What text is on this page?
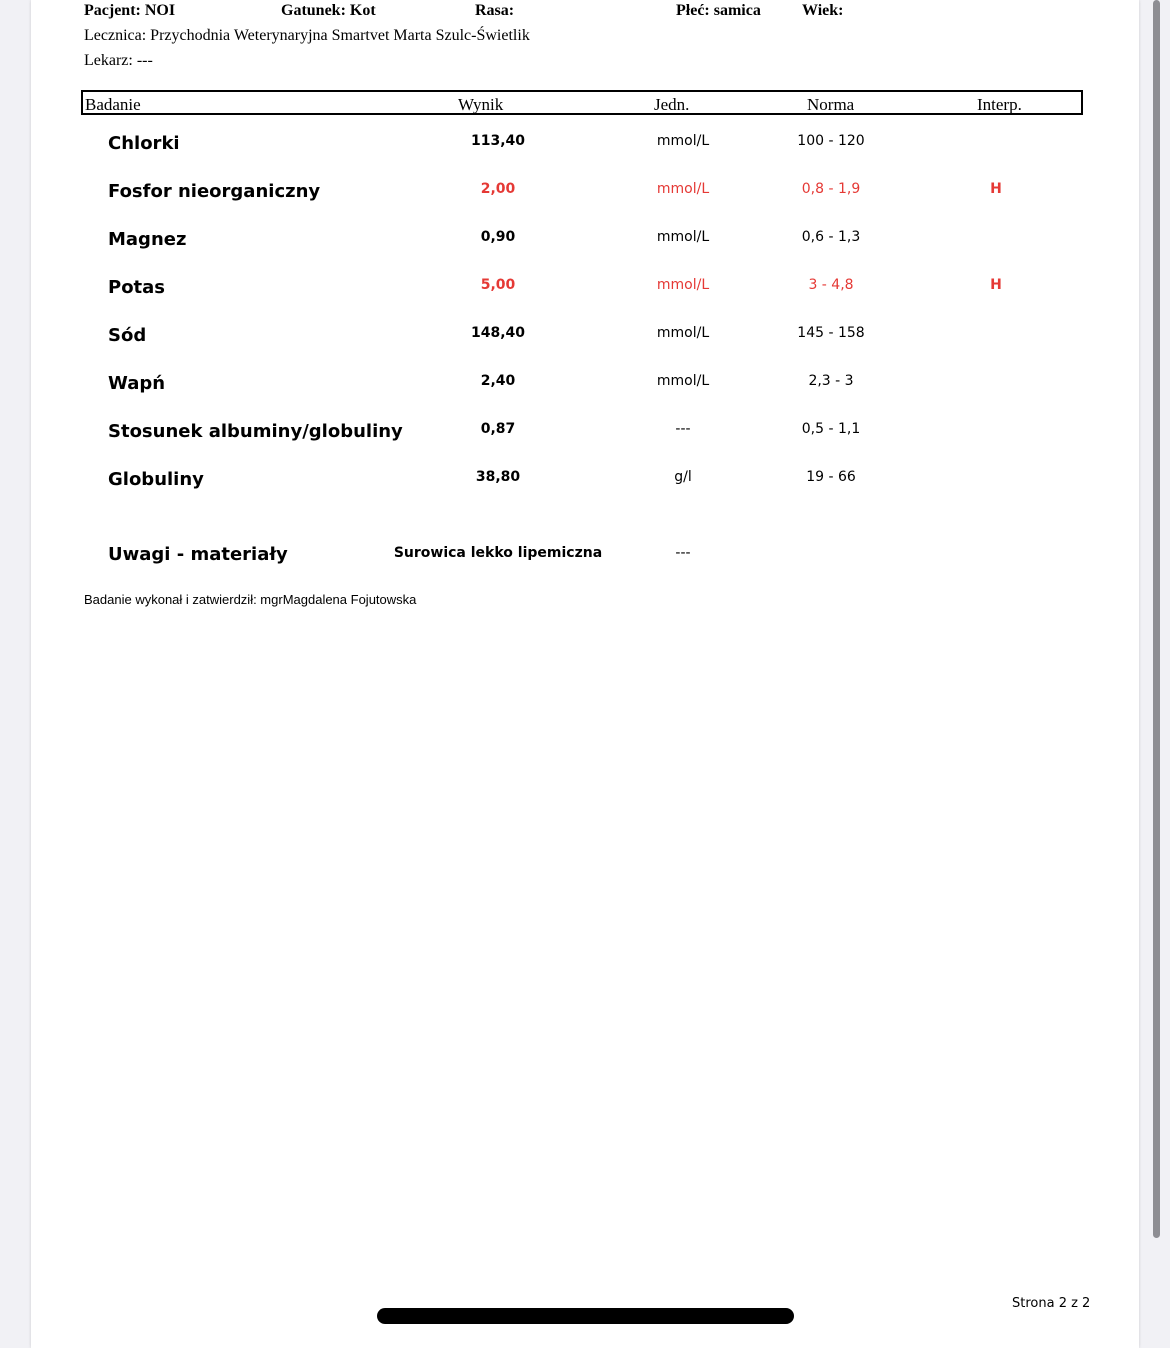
Pacjent: NOI	Gatunek: Kot	Rasa:	Płeć: samica	Wiek:
Lecznica: Przychodnia Weterynaryjna Smartvet Marta Szulc-Świetlik
Lekarz: ---
Badanie	Wynik	Jedn.	Norma	Interp.
Chlorki	113,40	mmol/L	100 - 120
Fosfor nieorganiczny	2,00	mmol/L	0,8 - 1,9	H
Magnez	0,90	mmol/L	0,6 - 1,3
Potas	5,00	mmol/L	3 - 4,8	H
Sód	148,40	mmol/L	145 - 158
Wapń	2,40	mmol/L	2,3 - 3
Stosunek albuminy/globuliny	0,87	---	0,5 - 1,1
Globuliny	38,80	g/l	19 - 66
Uwagi - materiały	Surowica lekko lipemiczna	---
Badanie wykonał i zatwierdził: mgrMagdalena Fojutowska
Strona 2 z 2
